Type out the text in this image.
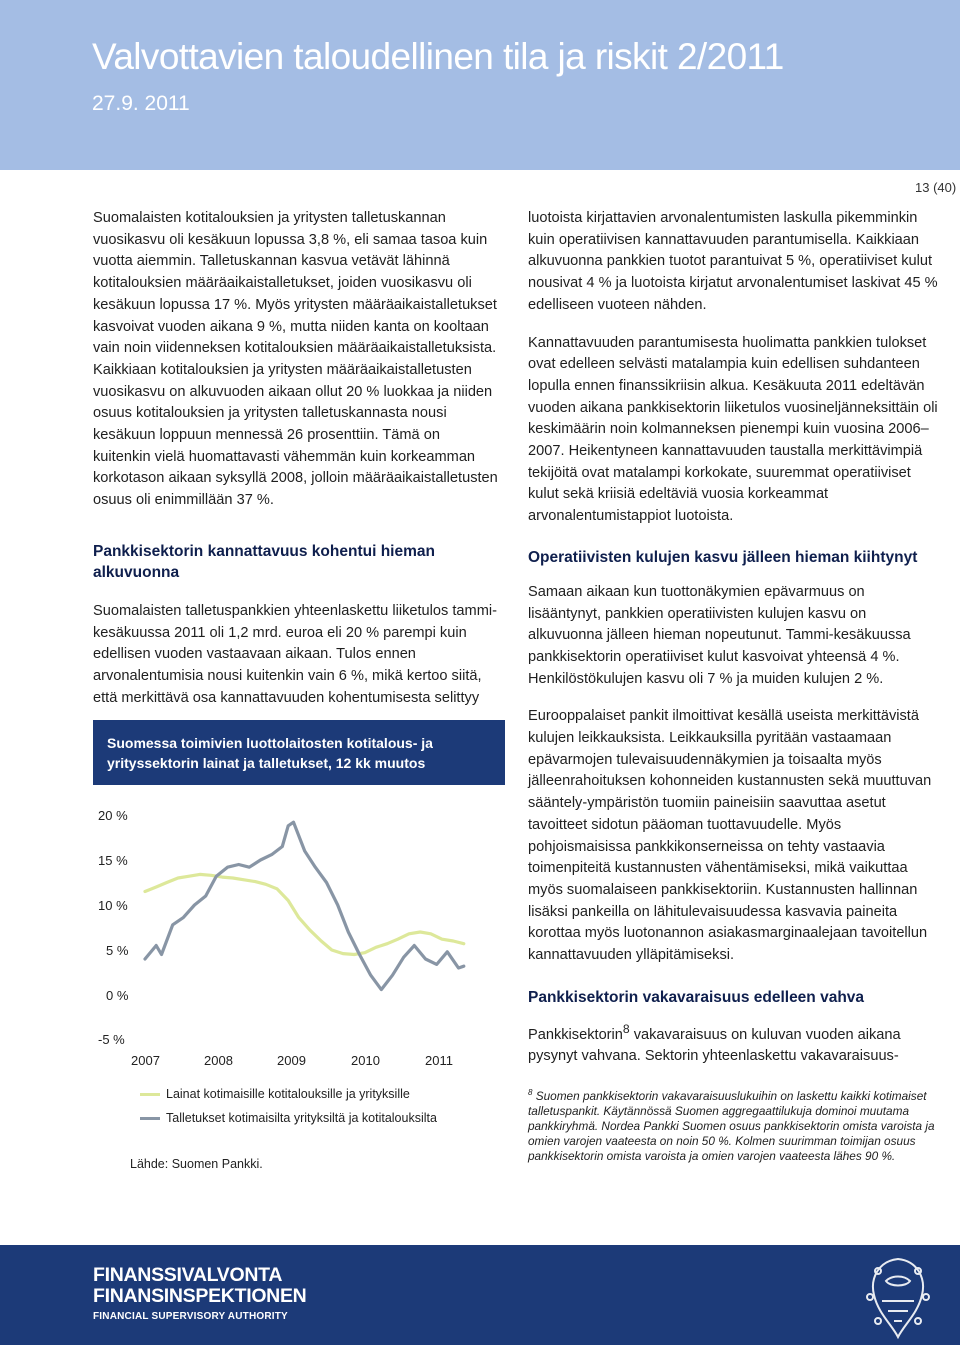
Valvottavien taloudellinen tila ja riskit 2/2011
27.9. 2011
13 (40)

Suomalaisten kotitalouksien ja yritysten talletuskannan vuosikasvu oli kesäkuun lopussa 3,8 %, eli samaa tasoa kuin vuotta aiemmin. Talletuskannan kasvua vetävät lähinnä kotitalouksien määräaikaistalletukset, joiden vuosikasvu oli kesäkuun lopussa 17 %. Myös yritysten määräaikaistalletukset kasvoivat vuoden aikana 9 %, mutta niiden kanta on kooltaan vain noin viidenneksen kotitalouksien määräaikaistalletuksista. Kaikkiaan kotitalouksien ja yritysten määräaikaistalletusten vuosikasvu on alkuvuoden aikaan ollut 20 % luokkaa ja niiden osuus kotitalouksien ja yritysten talletuskannasta nousi kesäkuun loppuun mennessä 26 prosenttiin. Tämä on kuitenkin vielä huomattavasti vähemmän kuin korkeamman korkotason aikaan syksyllä 2008, jolloin määräaikaistalletusten osuus oli enimmillään 37 %.

Pankkisektorin kannattavuus kohentui hieman alkuvuonna

Suomalaisten talletuspankkien yhteenlaskettu liiketulos tammi-kesäkuussa 2011 oli 1,2 mrd. euroa eli 20 % parempi kuin edellisen vuoden vastaavaan aikaan. Tulos ennen arvonalentumisia nousi kuitenkin vain 6 %, mikä kertoo siitä, että merkittävä osa kannattavuuden kohentumisesta selittyy

luotoista kirjattavien arvonalentumisten laskulla pikemminkin kuin operatiivisen kannattavuuden parantumisella. Kaikkiaan alkuvuonna pankkien tuotot parantuivat 5 %, operatiiviset kulut nousivat 4 % ja luotoista kirjatut arvonalentumiset laskivat 45 % edelliseen vuoteen nähden.

Kannattavuuden parantumisesta huolimatta pankkien tulokset ovat edelleen selvästi matalampia kuin edellisen suhdanteen lopulla ennen finanssikriisin alkua. Kesäkuuta 2011 edeltävän vuoden aikana pankkisektorin liiketulos vuosineljänneksittäin oli keskimäärin noin kolmanneksen pienempi kuin vuosina 2006–2007. Heikentyneen kannattavuuden taustalla merkittävimpiä tekijöitä ovat matalampi korkokate, suuremmat operatiiviset kulut sekä kriisiä edeltäviä vuosia korkeammat arvonalentumistappiot luotoista.

Operatiivisten kulujen kasvu jälleen hieman kiihtynyt

Samaan aikaan kun tuottonäkymien epävarmuus on lisääntynyt, pankkien operatiivisten kulujen kasvu on alkuvuonna jälleen hieman nopeutunut. Tammi-kesäkuussa pankkisektorin operatiiviset kulut kasvoivat yhteensä 4 %. Henkilöstökulujen kasvu oli 7 % ja muiden kulujen 2 %.

Eurooppalaiset pankit ilmoittivat kesällä useista merkittävistä kulujen leikkauksista. Leikkauksilla pyritään vastaamaan epävarmojen tulevaisuudennäkymien ja toisaalta myös jälleenrahoituksen kohonneiden kustannusten sekä muuttuvan sääntely-ympäristön tuomiin paineisiin saavuttaa asetut tavoitteet sidotun pääoman tuottavuudelle. Myös pohjoismaisissa pankkikonserneissa on tehty vastaavia toimenpiteitä kustannusten vähentämiseksi, mikä vaikuttaa myös suomalaiseen pankkisektoriin. Kustannusten hallinnan lisäksi pankeilla on lähitulevaisuudessa kasvavia paineita korottaa myös luotonannon asiakasmarginaalejaan tavoitellun kannattavuuden ylläpitämiseksi.

Pankkisektorin vakavaraisuus edelleen vahva

Pankkisektorin$^8$ vakavaraisuus on kuluvan vuoden aikana pysynyt vahvana. Sektorin yhteenlaskettu vakavaraisuus-

$^8$ Suomen pankkisektorin vakavaraisuuslukuihin on laskettu kaikki kotimaiset talletuspankit. Käytännössä Suomen aggregaattilukuja dominoi muutama pankkiryhmä. Nordea Pankki Suomen osuus pankkisektorin omista varoista ja omien varojen vaateesta on noin 50 %. Kolmen suurimman toimijan osuus pankkisektorin omista varoista ja omien varojen vaateesta lähes 90 %.
Suomessa toimivien luottolaitosten kotitalous- ja yrityssektorin lainat ja talletukset, 12 kk muutos
20 %
15 %
10 %
5 %
0 %
-5 %
2007	2008	2009	2010	2011
Lainat kotimaisille kotitalouksille ja yrityksille
Talletukset kotimaisilta yrityksiltä ja kotitalouksilta
Lähde: Suomen Pankki.
FINANSSIVALVONTA
FINANSINSPEKTIONEN
FINANCIAL SUPERVISORY AUTHORITY
